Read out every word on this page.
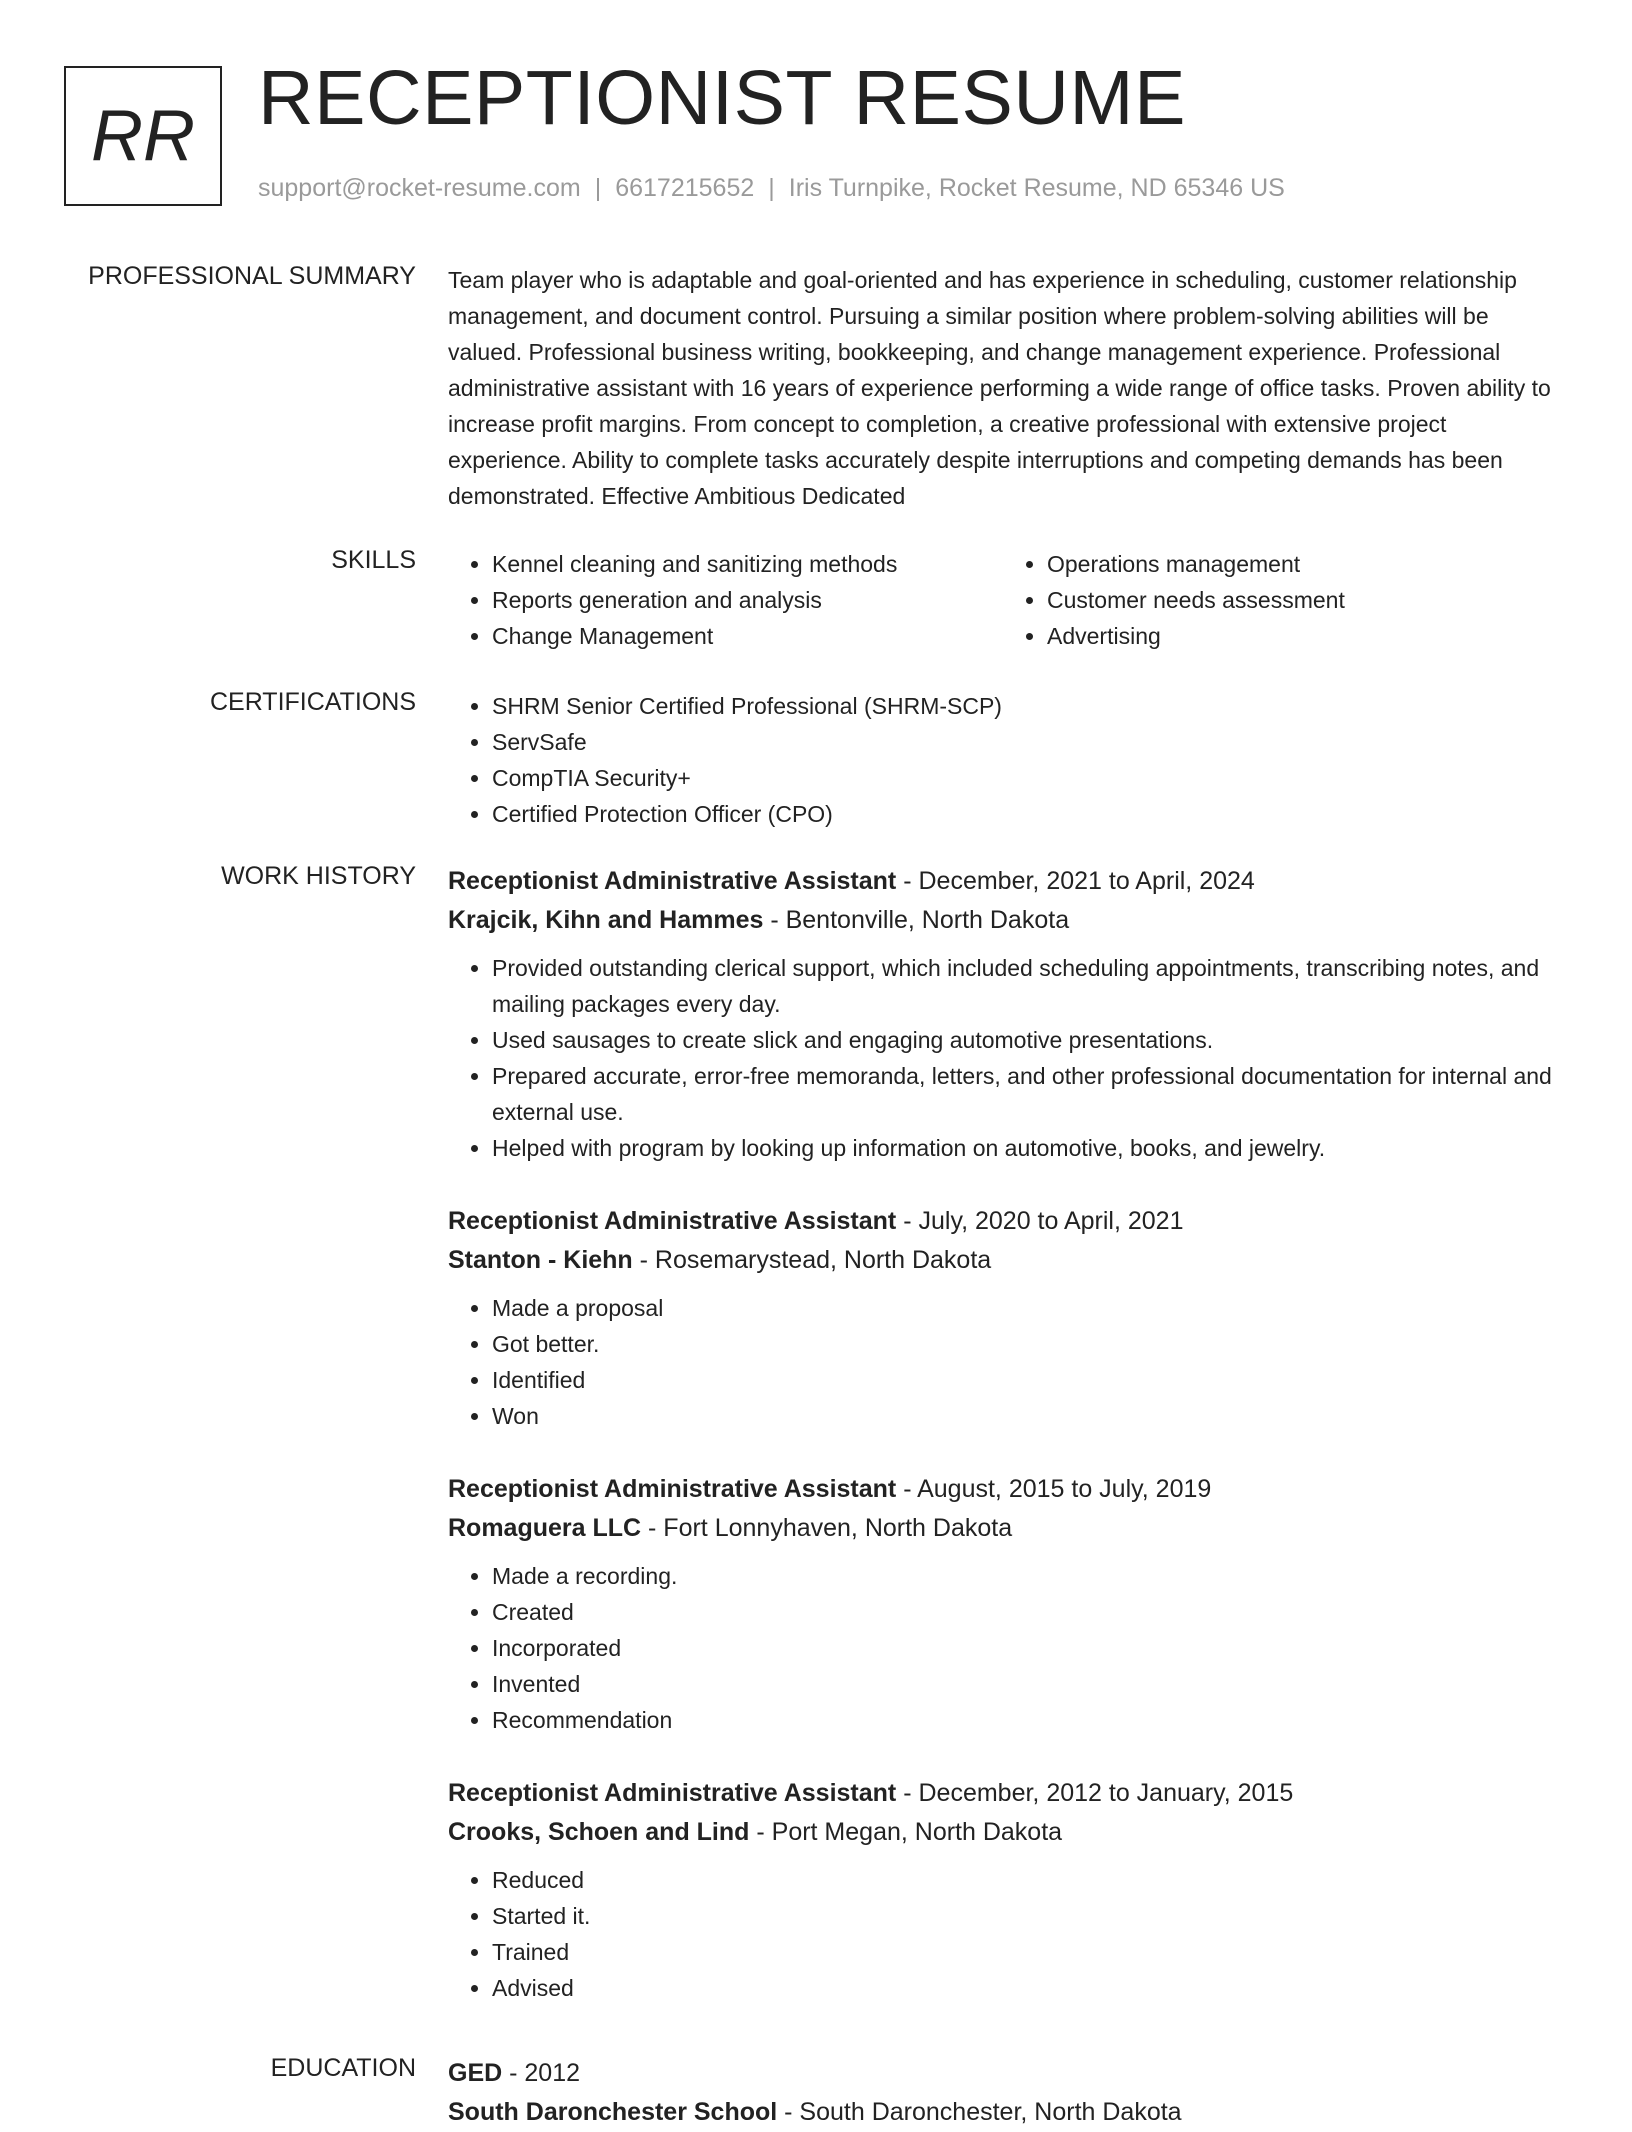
RR RECEPTIONIST RESUME
support@rocket-resume.com | 6617215652 | Iris Turnpike, Rocket Resume, ND 65346 US
PROFESSIONAL SUMMARY Team player who is adaptable and goal-oriented and has experience in scheduling, customer relationship management, and document control. Pursuing a similar position where problem-solving abilities will be valued. Professional business writing, bookkeeping, and change management experience. Professional administrative assistant with 16 years of experience performing a wide range of office tasks. Proven ability to increase profit margins. From concept to completion, a creative professional with extensive project experience. Ability to complete tasks accurately despite interruptions and competing demands has been demonstrated. Effective Ambitious Dedicated

SKILLS	• Kennel cleaning and sanitizing methods
• Reports generation and analysis
• Change Management
• Operations management
• Customer needs assessment
• Advertising
CERTIFICATIONS	• SHRM Senior Certified Professional (SHRM-SCP)
• ServSafe
• CompTIA Security+
• Certified Protection Officer (CPO)
WORK HISTORY Receptionist Administrative Assistant - December, 2021 to April, 2024
Krajcik, Kihn and Hammes - Bentonville, North Dakota
• Provided outstanding clerical support, which included scheduling appointments, transcribing notes, and mailing packages every day.
• Used sausages to create slick and engaging automotive presentations.
• Prepared accurate, error-free memoranda, letters, and other professional documentation for internal and external use.
• Helped with program by looking up information on automotive, books, and jewelry.
Receptionist Administrative Assistant - July, 2020 to April, 2021
Stanton - Kiehn - Rosemarystead, North Dakota
• Made a proposal
• Got better.
• Identified
• Won
Receptionist Administrative Assistant - August, 2015 to July, 2019
Romaguera LLC - Fort Lonnyhaven, North Dakota
• Made a recording.
• Created
• Incorporated
• Invented
• Recommendation
Receptionist Administrative Assistant - December, 2012 to January, 2015
Crooks, Schoen and Lind - Port Megan, North Dakota
• Reduced
• Started it.
• Trained
• Advised
EDUCATION GED - 2012
South Daronchester School - South Daronchester, North Dakota
